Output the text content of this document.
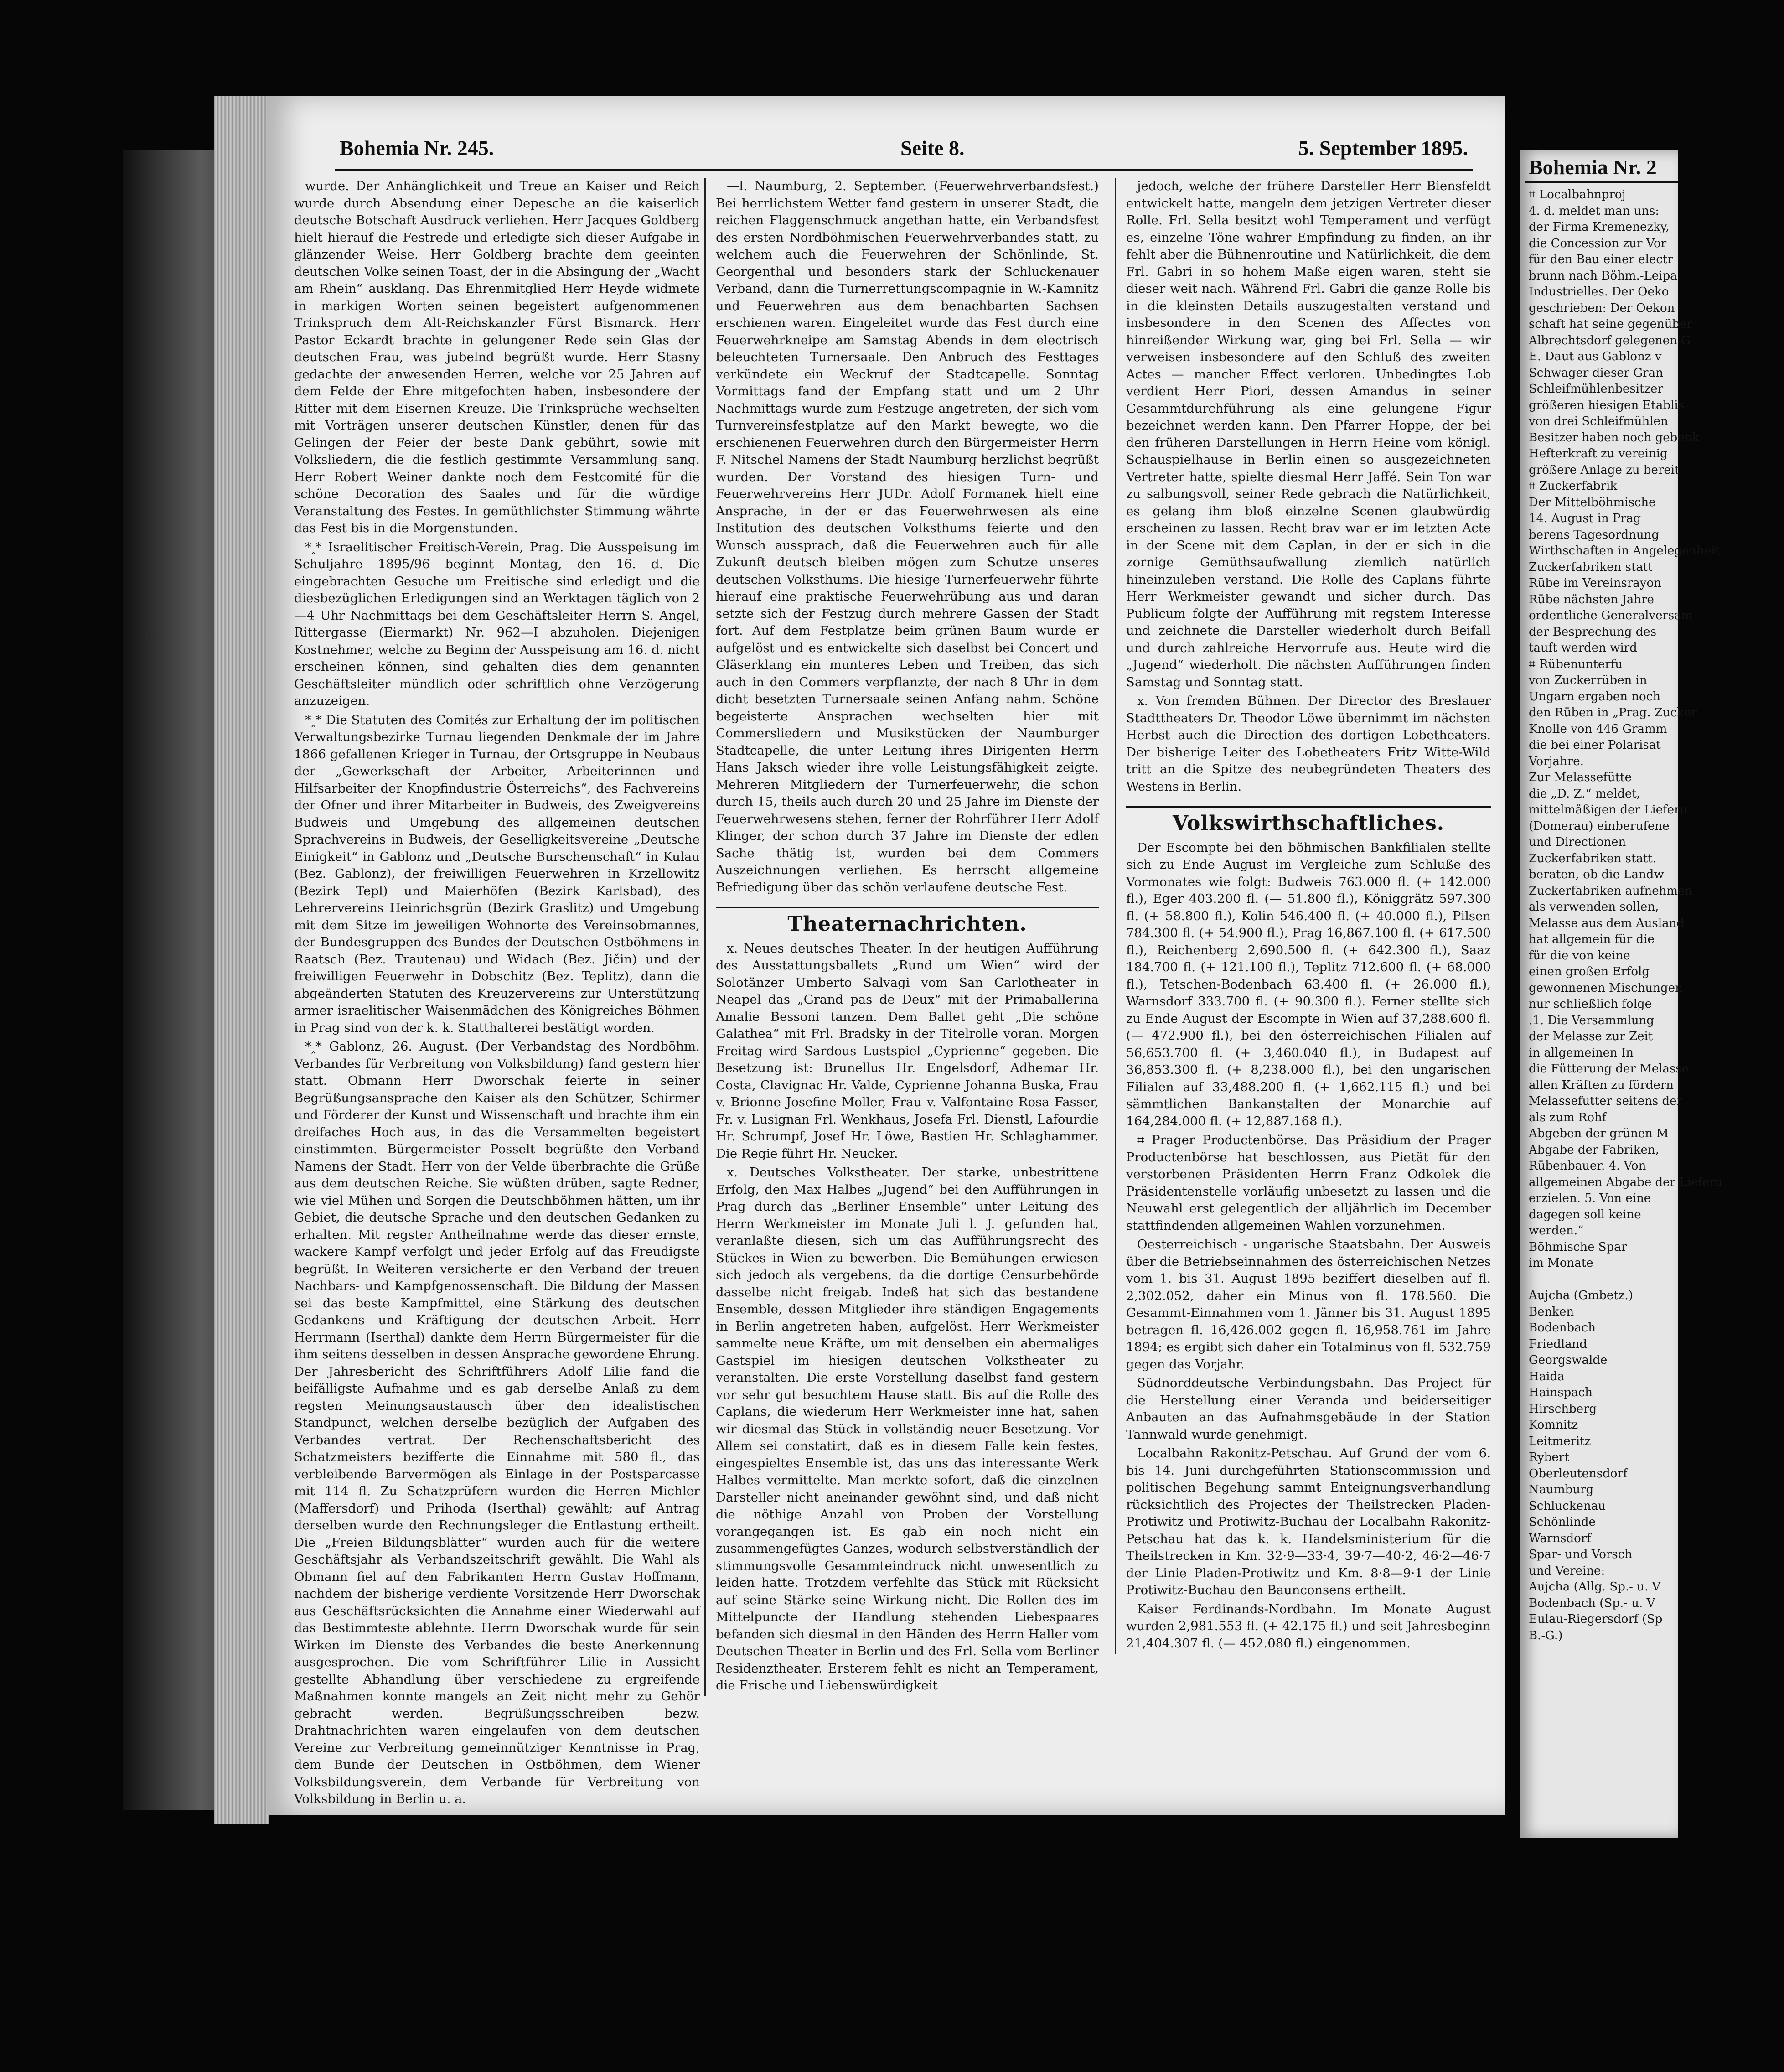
Bohemia Nr. 245.	Seite 8.	5. September 1895.

wurde. Der Anhänglichkeit und Treue an Kaiser und Reich wurde durch Absendung einer Depesche an die kaiserlich deutsche Botschaft Ausdruck verliehen. Herr Jacques Goldberg hielt hierauf die Festrede und erledigte sich dieser Aufgabe in glänzender Weise. Herr Goldberg brachte dem geeinten deutschen Volke seinen Toast, der in die Absingung der „Wacht am Rhein“ ausklang. Das Ehrenmitglied Herr Heyde widmete in markigen Worten seinen begeistert aufgenommenen Trinkspruch dem Alt-Reichskanzler Fürst Bismarck. Herr Pastor Eckardt brachte in gelungener Rede sein Glas der deutschen Frau, was jubelnd begrüßt wurde. Herr Stasny gedachte der anwesenden Herren, welche vor 25 Jahren auf dem Felde der Ehre mitgefochten haben, insbesondere der Ritter mit dem Eisernen Kreuze. Die Trinksprüche wechselten mit Vorträgen unserer deutschen Künstler, denen für das Gelingen der Feier der beste Dank gebührt, sowie mit Volksliedern, die die festlich gestimmte Versammlung sang. Herr Robert Weiner dankte noch dem Festcomité für die schöne Decoration des Saales und für die würdige Veranstaltung des Festes. In gemüthlichster Stimmung währte das Fest bis in die Morgenstunden.

*‸* Israelitischer Freitisch-Verein, Prag. Die Ausspeisung im Schuljahre 1895/96 beginnt Montag, den 16. d. Die eingebrachten Gesuche um Freitische sind erledigt und die diesbezüglichen Erledigungen sind an Werktagen täglich von 2—4 Uhr Nachmittags bei dem Geschäftsleiter Herrn S. Angel, Rittergasse (Eiermarkt) Nr. 962—I abzuholen. Diejenigen Kostnehmer, welche zu Beginn der Ausspeisung am 16. d. nicht erscheinen können, sind gehalten dies dem genannten Geschäftsleiter mündlich oder schriftlich ohne Verzögerung anzuzeigen.

*‸* Die Statuten des Comités zur Erhaltung der im politischen Verwaltungsbezirke Turnau liegenden Denkmale der im Jahre 1866 gefallenen Krieger in Turnau, der Ortsgruppe in Neubaus der „Gewerkschaft der Arbeiter, Arbeiterinnen und Hilfsarbeiter der Knopfindustrie Österreichs“, des Fachvereins der Ofner und ihrer Mitarbeiter in Budweis, des Zweigvereins Budweis und Umgebung des allgemeinen deutschen Sprachvereins in Budweis, der Geselligkeitsvereine „Deutsche Einigkeit“ in Gablonz und „Deutsche Burschenschaft“ in Kulau (Bez. Gablonz), der freiwilligen Feuerwehren in Krzellowitz (Bezirk Tepl) und Maierhöfen (Bezirk Karlsbad), des Lehrervereins Heinrichsgrün (Bezirk Graslitz) und Umgebung mit dem Sitze im jeweiligen Wohnorte des Vereinsobmannes, der Bundesgruppen des Bundes der Deutschen Ostböhmens in Raatsch (Bez. Trautenau) und Widach (Bez. Jičin) und der freiwilligen Feuerwehr in Dobschitz (Bez. Teplitz), dann die abgeänderten Statuten des Kreuzervereins zur Unterstützung armer israelitischer Waisenmädchen des Königreiches Böhmen in Prag sind von der k. k. Statthalterei bestätigt worden.

*‸* Gablonz, 26. August. (Der Verbandstag des Nordböhm. Verbandes für Verbreitung von Volksbildung) fand gestern hier statt. Obmann Herr Dworschak feierte in seiner Begrüßungsansprache den Kaiser als den Schützer, Schirmer und Förderer der Kunst und Wissenschaft und brachte ihm ein dreifaches Hoch aus, in das die Versammelten begeistert einstimmten. Bürgermeister Posselt begrüßte den Verband Namens der Stadt. Herr von der Velde überbrachte die Grüße aus dem deutschen Reiche. Sie wüßten drüben, sagte Redner, wie viel Mühen und Sorgen die Deutschböhmen hätten, um ihr Gebiet, die deutsche Sprache und den deutschen Gedanken zu erhalten. Mit regster Antheilnahme werde das dieser ernste, wackere Kampf verfolgt und jeder Erfolg auf das Freudigste begrüßt. In Weiteren versicherte er den Verband der treuen Nachbars- und Kampfgenossenschaft. Die Bildung der Massen sei das beste Kampfmittel, eine Stärkung des deutschen Gedankens und Kräftigung der deutschen Arbeit. Herr Herrmann (Iserthal) dankte dem Herrn Bürgermeister für die ihm seitens desselben in dessen Ansprache gewordene Ehrung. Der Jahresbericht des Schriftführers Adolf Lilie fand die beifälligste Aufnahme und es gab derselbe Anlaß zu dem regsten Meinungsaustausch über den idealistischen Standpunct, welchen derselbe bezüglich der Aufgaben des Verbandes vertrat. Der Rechenschaftsbericht des Schatzmeisters bezifferte die Einnahme mit 580 fl., das verbleibende Barvermögen als Einlage in der Postsparcasse mit 114 fl. Zu Schatzprüfern wurden die Herren Michler (Maffersdorf) und Prihoda (Iserthal) gewählt; auf Antrag derselben wurde den Rechnungsleger die Entlastung ertheilt. Die „Freien Bildungsblätter“ wurden auch für die weitere Geschäftsjahr als Verbandszeitschrift gewählt. Die Wahl als Obmann fiel auf den Fabrikanten Herrn Gustav Hoffmann, nachdem der bisherige verdiente Vorsitzende Herr Dworschak aus Geschäftsrücksichten die Annahme einer Wiederwahl auf das Bestimmteste ablehnte. Herrn Dworschak wurde für sein Wirken im Dienste des Verbandes die beste Anerkennung ausgesprochen. Die vom Schriftführer Lilie in Aussicht gestellte Abhandlung über verschiedene zu ergreifende Maßnahmen konnte mangels an Zeit nicht mehr zu Gehör gebracht werden. Begrüßungsschreiben bezw. Drahtnachrichten waren eingelaufen von dem deutschen Vereine zur Verbreitung gemeinnütziger Kenntnisse in Prag, dem Bunde der Deutschen in Ostböhmen, dem Wiener Volksbildungsverein, dem Verbande für Verbreitung von Volksbildung in Berlin u. a.

—l. Naumburg, 2. September. (Feuerwehrverbandsfest.) Bei herrlichstem Wetter fand gestern in unserer Stadt, die reichen Flaggenschmuck angethan hatte, ein Verbandsfest des ersten Nordböhmischen Feuerwehrverbandes statt, zu welchem auch die Feuerwehren der Schönlinde, St. Georgenthal und besonders stark der Schluckenauer Verband, dann die Turnerrettungscompagnie in W.-Kamnitz und Feuerwehren aus dem benachbarten Sachsen erschienen waren. Eingeleitet wurde das Fest durch eine Feuerwehrkneipe am Samstag Abends in dem electrisch beleuchteten Turnersaale. Den Anbruch des Festtages verkündete ein Weckruf der Stadtcapelle. Sonntag Vormittags fand der Empfang statt und um 2 Uhr Nachmittags wurde zum Festzuge angetreten, der sich vom Turnvereinsfestplatze auf den Markt bewegte, wo die erschienenen Feuerwehren durch den Bürgermeister Herrn F. Nitschel Namens der Stadt Naumburg herzlichst begrüßt wurden. Der Vorstand des hiesigen Turn- und Feuerwehrvereins Herr JUDr. Adolf Formanek hielt eine Ansprache, in der er das Feuerwehrwesen als eine Institution des deutschen Volksthums feierte und den Wunsch aussprach, daß die Feuerwehren auch für alle Zukunft deutsch bleiben mögen zum Schutze unseres deutschen Volksthums. Die hiesige Turnerfeuerwehr führte hierauf eine praktische Feuerwehrübung aus und daran setzte sich der Festzug durch mehrere Gassen der Stadt fort. Auf dem Festplatze beim grünen Baum wurde er aufgelöst und es entwickelte sich daselbst bei Concert und Gläserklang ein munteres Leben und Treiben, das sich auch in den Commers verpflanzte, der nach 8 Uhr in dem dicht besetzten Turnersaale seinen Anfang nahm. Schöne begeisterte Ansprachen wechselten hier mit Commersliedern und Musikstücken der Naumburger Stadtcapelle, die unter Leitung ihres Dirigenten Herrn Hans Jaksch wieder ihre volle Leistungsfähigkeit zeigte. Mehreren Mitgliedern der Turnerfeuerwehr, die schon durch 15, theils auch durch 20 und 25 Jahre im Dienste der Feuerwehrwesens stehen, ferner der Rohrführer Herr Adolf Klinger, der schon durch 37 Jahre im Dienste der edlen Sache thätig ist, wurden bei dem Commers Auszeichnungen verliehen. Es herrscht allgemeine Befriedigung über das schön verlaufene deutsche Fest.

Theaternachrichten.

x. Neues deutsches Theater. In der heutigen Aufführung des Ausstattungsballets „Rund um Wien“ wird der Solotänzer Umberto Salvagi vom San Carlotheater in Neapel das „Grand pas de Deux“ mit der Primaballerina Amalie Bessoni tanzen. Dem Ballet geht „Die schöne Galathea“ mit Frl. Bradsky in der Titelrolle voran. Morgen Freitag wird Sardous Lustspiel „Cyprienne“ gegeben. Die Besetzung ist: Brunellus Hr. Engelsdorf, Adhemar Hr. Costa, Clavignac Hr. Valde, Cyprienne Johanna Buska, Frau v. Brionne Josefine Moller, Frau v. Valfontaine Rosa Fasser, Fr. v. Lusignan Frl. Wenkhaus, Josefa Frl. Dienstl, Lafourdie Hr. Schrumpf, Josef Hr. Löwe, Bastien Hr. Schlaghammer. Die Regie führt Hr. Neucker.

x. Deutsches Volkstheater. Der starke, unbestrittene Erfolg, den Max Halbes „Jugend“ bei den Aufführungen in Prag durch das „Berliner Ensemble“ unter Leitung des Herrn Werkmeister im Monate Juli l. J. gefunden hat, veranlaßte diesen, sich um das Aufführungsrecht des Stückes in Wien zu bewerben. Die Bemühungen erwiesen sich jedoch als vergebens, da die dortige Censurbehörde dasselbe nicht freigab. Indeß hat sich das bestandene Ensemble, dessen Mitglieder ihre ständigen Engagements in Berlin angetreten haben, aufgelöst. Herr Werkmeister sammelte neue Kräfte, um mit denselben ein abermaliges Gastspiel im hiesigen deutschen Volkstheater zu veranstalten. Die erste Vorstellung daselbst fand gestern vor sehr gut besuchtem Hause statt. Bis auf die Rolle des Caplans, die wiederum Herr Werkmeister inne hat, sahen wir diesmal das Stück in vollständig neuer Besetzung. Vor Allem sei constatirt, daß es in diesem Falle kein festes, eingespieltes Ensemble ist, das uns das interessante Werk Halbes vermittelte. Man merkte sofort, daß die einzelnen Darsteller nicht aneinander gewöhnt sind, und daß nicht die nöthige Anzahl von Proben der Vorstellung vorangegangen ist. Es gab ein noch nicht ein zusammengefügtes Ganzes, wodurch selbstverständlich der stimmungsvolle Gesammteindruck nicht unwesentlich zu leiden hatte. Trotzdem verfehlte das Stück mit Rücksicht auf seine Stärke seine Wirkung nicht. Die Rollen des im Mittelpuncte der Handlung stehenden Liebespaares befanden sich diesmal in den Händen des Herrn Haller vom Deutschen Theater in Berlin und des Frl. Sella vom Berliner Residenztheater. Ersterem fehlt es nicht an Temperament, die Frische und Liebenswürdigkeit

jedoch, welche der frühere Darsteller Herr Biensfeldt entwickelt hatte, mangeln dem jetzigen Vertreter dieser Rolle. Frl. Sella besitzt wohl Temperament und verfügt es, einzelne Töne wahrer Empfindung zu finden, an ihr fehlt aber die Bühnenroutine und Natürlichkeit, die dem Frl. Gabri in so hohem Maße eigen waren, steht sie dieser weit nach. Während Frl. Gabri die ganze Rolle bis in die kleinsten Details auszugestalten verstand und insbesondere in den Scenen des Affectes von hinreißender Wirkung war, ging bei Frl. Sella — wir verweisen insbesondere auf den Schluß des zweiten Actes — mancher Effect verloren. Unbedingtes Lob verdient Herr Piori, dessen Amandus in seiner Gesammtdurchführung als eine gelungene Figur bezeichnet werden kann. Den Pfarrer Hoppe, der bei den früheren Darstellungen in Herrn Heine vom königl. Schauspielhause in Berlin einen so ausgezeichneten Vertreter hatte, spielte diesmal Herr Jaffé. Sein Ton war zu salbungsvoll, seiner Rede gebrach die Natürlichkeit, es gelang ihm bloß einzelne Scenen glaubwürdig erscheinen zu lassen. Recht brav war er im letzten Acte in der Scene mit dem Caplan, in der er sich in die zornige Gemüthsaufwallung ziemlich natürlich hineinzuleben verstand. Die Rolle des Caplans führte Herr Werkmeister gewandt und sicher durch. Das Publicum folgte der Aufführung mit regstem Interesse und zeichnete die Darsteller wiederholt durch Beifall und durch zahlreiche Hervorrufe aus. Heute wird die „Jugend“ wiederholt. Die nächsten Aufführungen finden Samstag und Sonntag statt.

x. Von fremden Bühnen. Der Director des Breslauer Stadttheaters Dr. Theodor Löwe übernimmt im nächsten Herbst auch die Direction des dortigen Lobetheaters. Der bisherige Leiter des Lobetheaters Fritz Witte-Wild tritt an die Spitze des neubegründeten Theaters des Westens in Berlin.

Volkswirthschaftliches.

Der Escompte bei den böhmischen Bankfilialen stellte sich zu Ende August im Vergleiche zum Schluße des Vormonates wie folgt: Budweis 763.000 fl. (+ 142.000 fl.), Eger 403.200 fl. (— 51.800 fl.), Königgrätz 597.300 fl. (+ 58.800 fl.), Kolin 546.400 fl. (+ 40.000 fl.), Pilsen 784.300 fl. (+ 54.900 fl.), Prag 16,867.100 fl. (+ 617.500 fl.), Reichenberg 2,690.500 fl. (+ 642.300 fl.), Saaz 184.700 fl. (+ 121.100 fl.), Teplitz 712.600 fl. (+ 68.000 fl.), Tetschen-Bodenbach 63.400 fl. (+ 26.000 fl.), Warnsdorf 333.700 fl. (+ 90.300 fl.). Ferner stellte sich zu Ende August der Escompte in Wien auf 37,288.600 fl. (— 472.900 fl.), bei den österreichischen Filialen auf 56,653.700 fl. (+ 3,460.040 fl.), in Budapest auf 36,853.300 fl. (+ 8,238.000 fl.), bei den ungarischen Filialen auf 33,488.200 fl. (+ 1,662.115 fl.) und bei sämmtlichen Bankanstalten der Monarchie auf 164,284.000 fl. (+ 12,887.168 fl.).

⌗ Prager Productenbörse. Das Präsidium der Prager Productenbörse hat beschlossen, aus Pietät für den verstorbenen Präsidenten Herrn Franz Odkolek die Präsidentenstelle vorläufig unbesetzt zu lassen und die Neuwahl erst gelegentlich der alljährlich im December stattfindenden allgemeinen Wahlen vorzunehmen.

Oesterreichisch - ungarische Staatsbahn. Der Ausweis über die Betriebseinnahmen des österreichischen Netzes vom 1. bis 31. August 1895 beziffert dieselben auf fl. 2,302.052, daher ein Minus von fl. 178.560. Die Gesammt-Einnahmen vom 1. Jänner bis 31. August 1895 betragen fl. 16,426.002 gegen fl. 16,958.761 im Jahre 1894; es ergibt sich daher ein Totalminus von fl. 532.759 gegen das Vorjahr.

Südnorddeutsche Verbindungsbahn. Das Project für die Herstellung einer Veranda und beiderseitiger Anbauten an das Aufnahmsgebäude in der Station Tannwald wurde genehmigt.

Localbahn Rakonitz-Petschau. Auf Grund der vom 6. bis 14. Juni durchgeführten Stationscommission und politischen Begehung sammt Enteignungsverhandlung rücksichtlich des Projectes der Theilstrecken Pladen-Protiwitz und Protiwitz-Buchau der Localbahn Rakonitz-Petschau hat das k. k. Handelsministerium für die Theilstrecken in Km. 32·9—33·4, 39·7—40·2, 46·2—46·7 der Linie Pladen-Protiwitz und Km. 8·8—9·1 der Linie Protiwitz-Buchau den Baunconsens ertheilt.

Kaiser Ferdinands-Nordbahn. Im Monate August wurden 2,981.553 fl. (+ 42.175 fl.) und seit Jahresbeginn 21,404.307 fl. (— 452.080 fl.) eingenommen.

Bohemia Nr. 2
⌗ Localbahnproj
4. d. meldet man uns:
der Firma Kremenezky,
die Concession zur Vor
für den Bau einer electr
brunn nach Böhm.-Leipa
Industrielles. Der Oeko
geschrieben: Der Oekon
schaft hat seine gegenüber
Albrechtsdorf gelegenen G
E. Daut aus Gablonz v
Schwager dieser Gran
Schleifmühlenbesitzer
größeren hiesigen Etablis
von drei Schleifmühlen
Besitzer haben noch gebenk
Hefterkraft zu vereinig
größere Anlage zu bereit
⌗ Zuckerfabrik
Der Mittelböhmische
14. August in Prag
berens Tagesordnung
Wirthschaften in Angelegenheit
Zuckerfabriken statt
Rübe im Vereinsrayon
Rübe nächsten Jahre
ordentliche Generalversam
der Besprechung des
tauft werden wird
⌗ Rübenunterfu
von Zuckerrüben in
Ungarn ergaben noch
den Rüben in „Prag. Zucker
Knolle von 446 Gramm
die bei einer Polarisat
Vorjahre.
Zur Melassefütte
die „D. Z.“ meldet,
mittelmäßigen der Lieferu
(Domerau) einberufene
und Directionen
Zuckerfabriken statt.
beraten, ob die Landw
Zuckerfabriken aufnehmen
als verwenden sollen,
Melasse aus dem Ausland
hat allgemein für die
für die von keine
einen großen Erfolg
gewonnenen Mischungen
nur schließlich folge
.1. Die Versammlung
der Melasse zur Zeit
in allgemeinen In
die Fütterung der Melasse
allen Kräften zu fördern
Melassefutter seitens der
als zum Rohf
Abgeben der grünen M
Abgabe der Fabriken,
Rübenbauer. 4. Von
allgemeinen Abgabe der Lieferu
erzielen. 5. Von eine
dagegen soll keine
werden.“
Böhmische Spar
im Monate
Aujcha (Gmbetz.)
Benken
Bodenbach
Friedland
Georgswalde
Haida
Hainspach
Hirschberg
Komnitz
Leitmeritz
Rybert
Oberleutensdorf
Naumburg
Schluckenau
Schönlinde
Warnsdorf
Spar- und Vorsch
und Vereine:
Aujcha (Allg. Sp.- u. V
Bodenbach (Sp.- u. V
Eulau-Riegersdorf (Sp
B.-G.)
